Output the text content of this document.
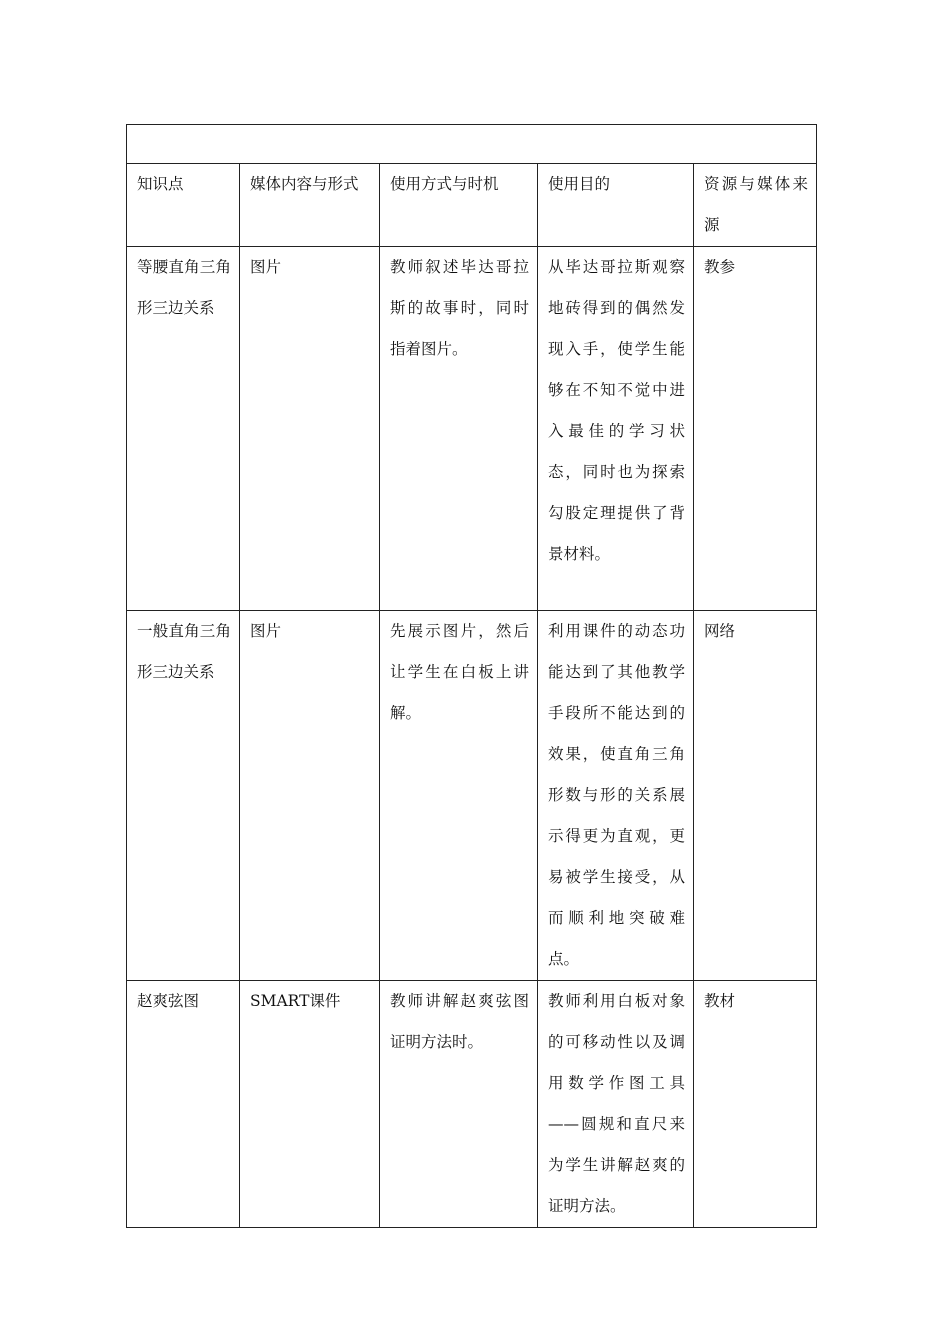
知识点	媒体内容与形式	使用方式与时机	使用目的	资源与媒体来源
等腰直角三角形三边关系	图片	教师叙述毕达哥拉斯的故事时，同时指着图片。	从毕达哥拉斯观察地砖得到的偶然发现入手，使学生能够在不知不觉中进入最佳的学习状态，同时也为探索勾股定理提供了背景材料。	教参
一般直角三角形三边关系	图片	先展示图片，然后让学生在白板上讲解。	利用课件的动态功能达到了其他教学手段所不能达到的效果，使直角三角形数与形的关系展示得更为直观，更易被学生接受，从而顺利地突破难点。	网络
赵爽弦图	SMART课件	教师讲解赵爽弦图证明方法时。	教师利用白板对象的可移动性以及调用数学作图工具——圆规和直尺来为学生讲解赵爽的证明方法。	教材
